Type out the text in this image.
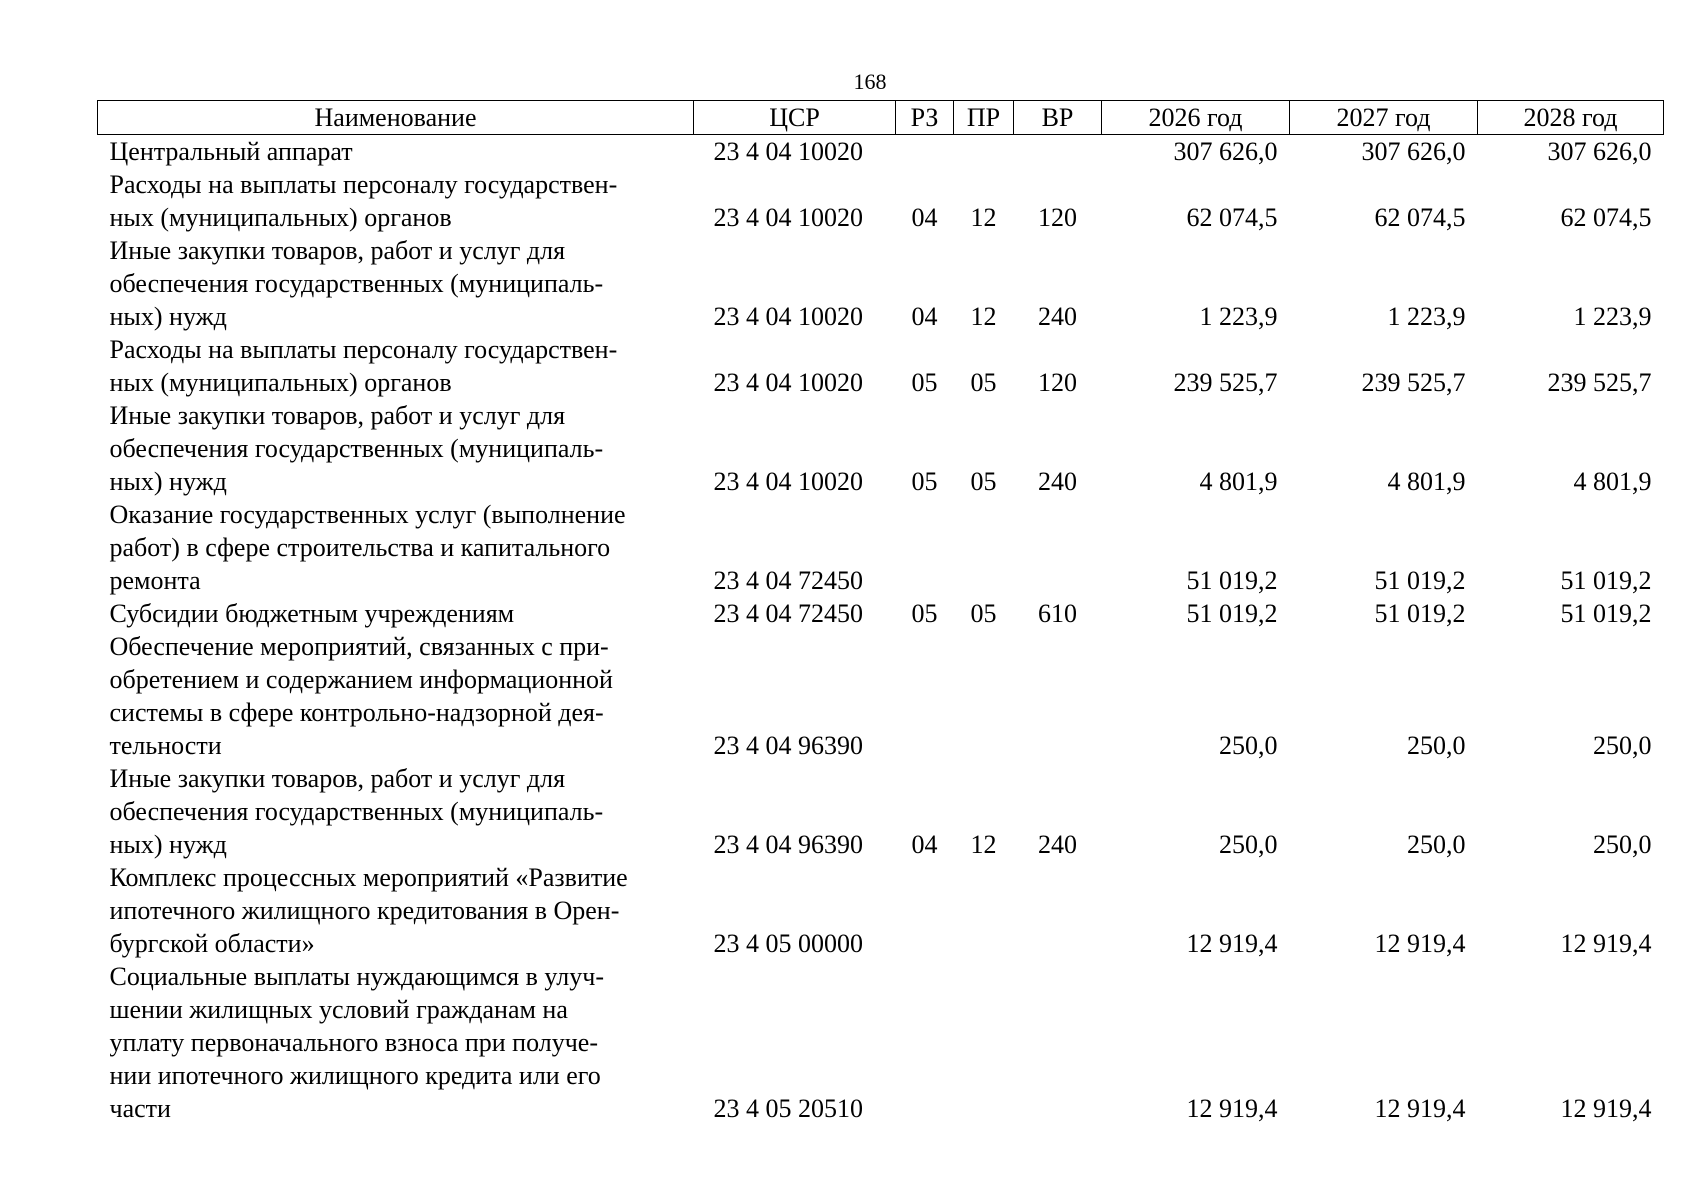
168
Наименование	ЦСР	РЗ	ПР	ВР	2026 год	2027 год	2028 год

Центральный аппарат	23 4 04 10020				307 626,0	307 626,0	307 626,0

Расходы на выплаты персоналу государствен-
ных (муниципальных) органов	23 4 04 10020	04	12	120	62 074,5	62 074,5	62 074,5

Иные закупки товаров, работ и услуг для
обеспечения государственных (муниципаль-
ных) нужд	23 4 04 10020	04	12	240	1 223,9	1 223,9	1 223,9

Расходы на выплаты персоналу государствен-
ных (муниципальных) органов	23 4 04 10020	05	05	120	239 525,7	239 525,7	239 525,7

Иные закупки товаров, работ и услуг для
обеспечения государственных (муниципаль-
ных) нужд	23 4 04 10020	05	05	240	4 801,9	4 801,9	4 801,9

Оказание государственных услуг (выполнение
работ) в сфере строительства и капитального
ремонта	23 4 04 72450				51 019,2	51 019,2	51 019,2

Субсидии бюджетным учреждениям	23 4 04 72450	05	05	610	51 019,2	51 019,2	51 019,2

Обеспечение мероприятий, связанных с при-
обретением и содержанием информационной
системы в сфере контрольно-надзорной дея-
тельности	23 4 04 96390				250,0	250,0	250,0

Иные закупки товаров, работ и услуг для
обеспечения государственных (муниципаль-
ных) нужд	23 4 04 96390	04	12	240	250,0	250,0	250,0

Комплекс процессных мероприятий «Развитие
ипотечного жилищного кредитования в Орен-
бургской области»	23 4 05 00000				12 919,4	12 919,4	12 919,4

Социальные выплаты нуждающимся в улуч-
шении жилищных условий гражданам на
уплату первоначального взноса при получе-
нии ипотечного жилищного кредита или его
части	23 4 05 20510				12 919,4	12 919,4	12 919,4
